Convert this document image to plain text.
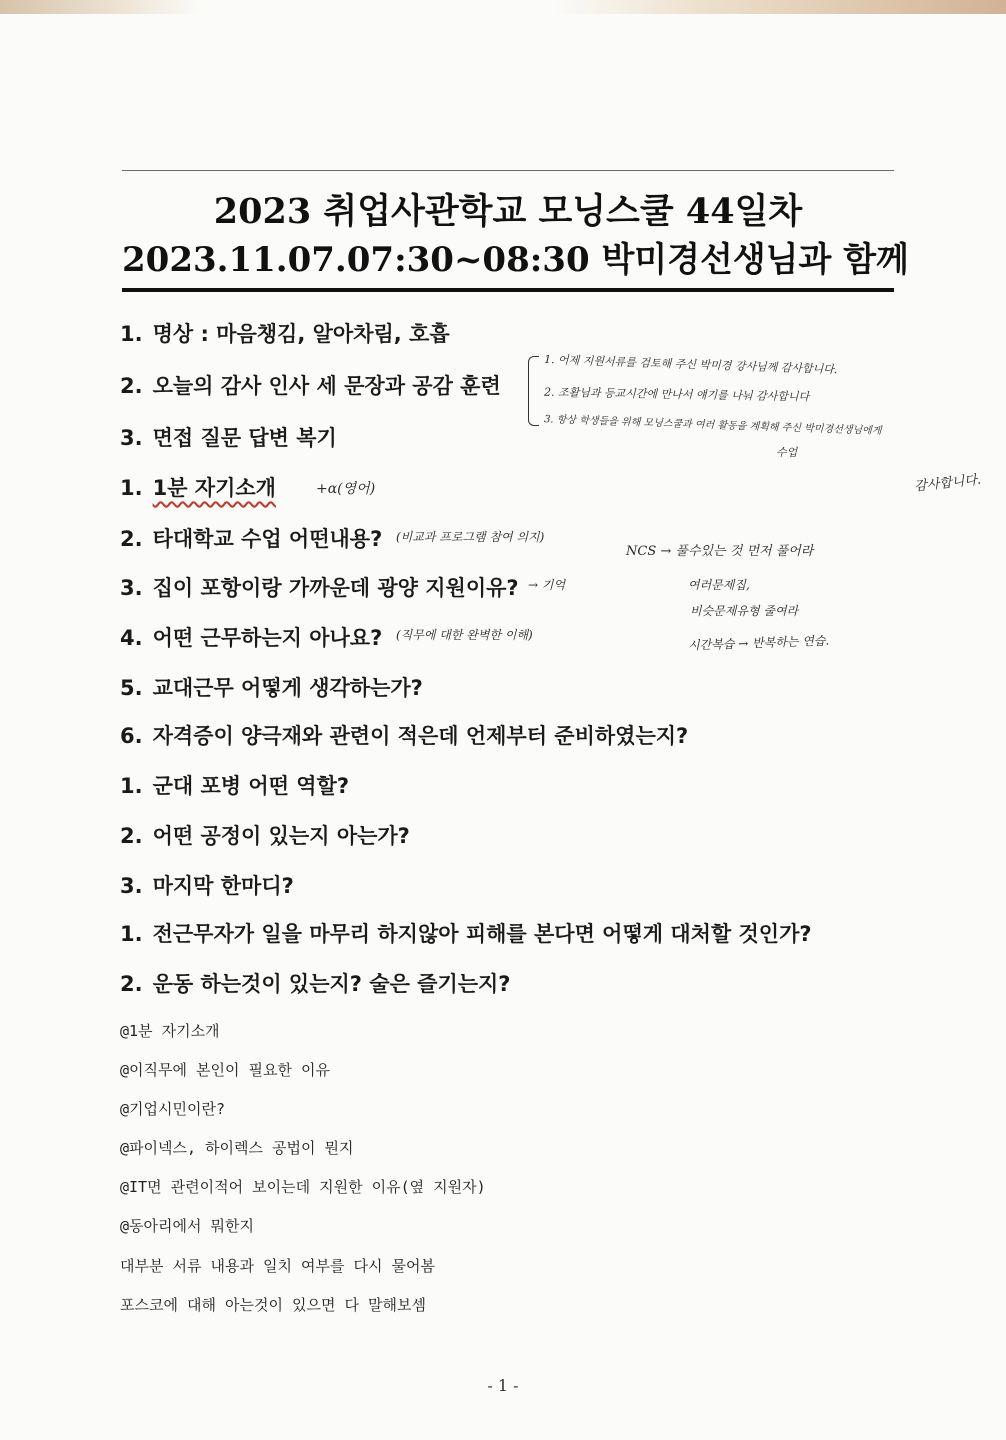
2023 취업사관학교 모닝스쿨 44일차
2023.11.07.07:30~08:30 박미경선생님과 함께
1. 명상 : 마음챙김, 알아차림, 호흡
2. 오늘의 감사 인사 세 문장과 공감 훈련
3. 면접 질문 답변 복기
1. 1분 자기소개
2. 타대학교 수업 어떤내용?
3. 집이 포항이랑 가까운데 광양 지원이유?
4. 어떤 근무하는지 아나요?
5. 교대근무 어떻게 생각하는가?
6. 자격증이 양극재와 관련이 적은데 언제부터 준비하였는지?
1. 군대 포병 어떤 역할?
2. 어떤 공정이 있는지 아는가?
3. 마지막 한마디?
1. 전근무자가 일을 마무리 하지않아 피해를 본다면 어떻게 대처할 것인가?
2. 운동 하는것이 있는지? 술은 즐기는지?
@1분 자기소개
@이직무에 본인이 필요한 이유
@기업시민이란?
@파이넥스, 하이렉스 공법이 뭔지
@IT면 관련이적어 보이는데 지원한 이유(옆 지원자)
@동아리에서 뭐한지
대부분 서류 내용과 일치 여부를 다시 물어봄
포스코에 대해 아는것이 있으면 다 말해보셈
1. 어제 지원서류를 검토해 주신 박미경 강사님께 감사합니다.
2. 조활님과 등교시간에 만나서 얘기를 나눠 감사합니다
3. 항상 학생들을 위해 모닝스쿨과 여러 활동을 계획해 주신 박미경선생님에게
수업
감사합니다.
+α(영어)
(비교과 프로그램 참여 의지)
→ 기억
(직무에 대한 완벽한 이해)
NCS → 풀수있는 것 먼저 풀어라
여러문제집,
비슷문제유형 줄여라
시간복습 → 반복하는 연습.
- 1 -
